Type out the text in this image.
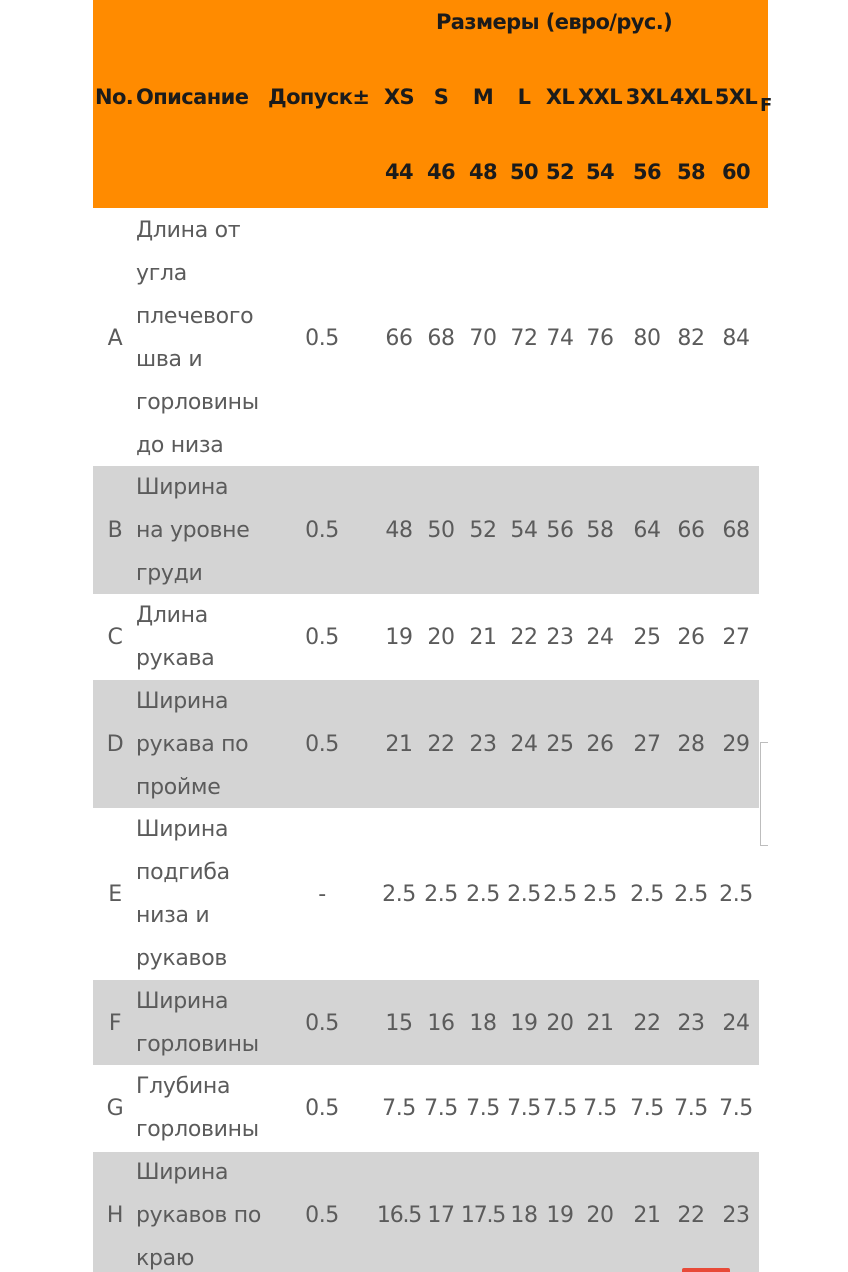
Размеры (евро/рус.)
No. Описание Допуск±	F
XS S M L XL XXL 3XL 4XL 5XL
44 46 48 50 52 54 56 58 60
A
Длина от
угла
плечевого
шва и
горловины
до низа
0.5 66 68 70 72 74 76 80 82 84
B
Ширина
на уровне
груди
0.5 48 50 52 54 56 58 64 66 68
C
Длина
рукава
0.5 19 20 21 22 23 24 25 26 27
D
Ширина
рукава по
пройме
0.5 21 22 23 24 25 26 27 28 29
E
Ширина
подгиба
низа и
рукавов
-	2.5 2.5 2.5 2.5 2.5 2.5 2.5 2.5 2.5
F
Ширина
горловины
0.5 15 16 18 19 20 21 22 23 24
G
Глубина
горловины
0.5 7.5 7.5 7.5 7.5 7.5 7.5 7.5 7.5 7.5
H
Ширина
рукавов по
краю
0.5 16.5 17 17.5 18 19 20 21 22 23
